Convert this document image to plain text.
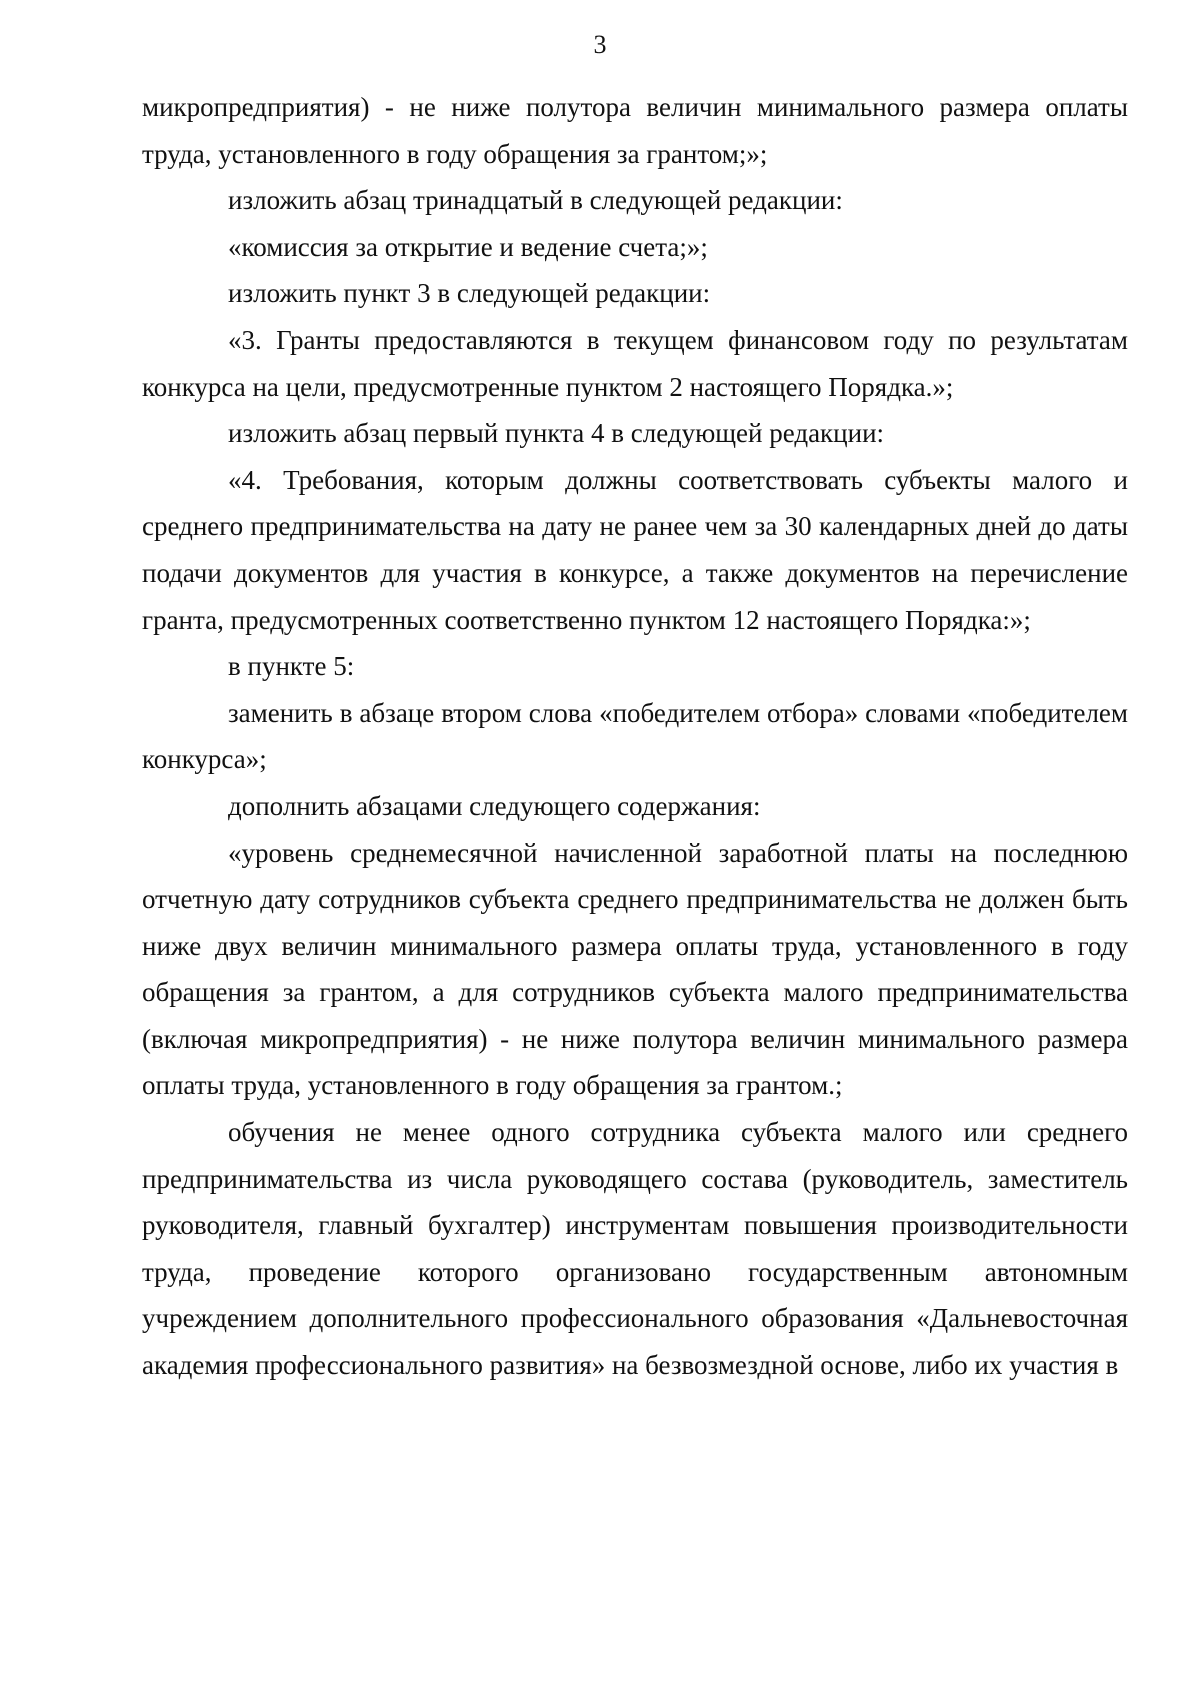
3

микропредприятия) - не ниже полутора величин минимального размера оплаты труда, установленного в году обращения за грантом;»;

изложить абзац тринадцатый в следующей редакции:

«комиссия за открытие и ведение счета;»;

изложить пункт 3 в следующей редакции:

«3. Гранты предоставляются в текущем финансовом году по результатам конкурса на цели, предусмотренные пунктом 2 настоящего Порядка.»;

изложить абзац первый пункта 4 в следующей редакции:

«4. Требования, которым должны соответствовать субъекты малого и среднего предпринимательства на дату не ранее чем за 30 календарных дней до даты подачи документов для участия в конкурсе, а также документов на перечисление гранта, предусмотренных соответственно пунктом 12 настоящего Порядка:»;

в пункте 5:

заменить в абзаце втором слова «победителем отбора» словами «победителем конкурса»;

дополнить абзацами следующего содержания:

«уровень среднемесячной начисленной заработной платы на последнюю отчетную дату сотрудников субъекта среднего предпринимательства не должен быть ниже двух величин минимального размера оплаты труда, установленного в году обращения за грантом, а для сотрудников субъекта малого предпринимательства (включая микропредприятия) - не ниже полутора величин минимального размера оплаты труда, установленного в году обращения за грантом.;

обучения не менее одного сотрудника субъекта малого или среднего предпринимательства из числа руководящего состава (руководитель, заместитель руководителя, главный бухгалтер) инструментам повышения производительности труда, проведение которого организовано государственным автономным учреждением дополнительного профессионального образования «Дальневосточная академия профессионального развития» на безвозмездной основе, либо их участия в
